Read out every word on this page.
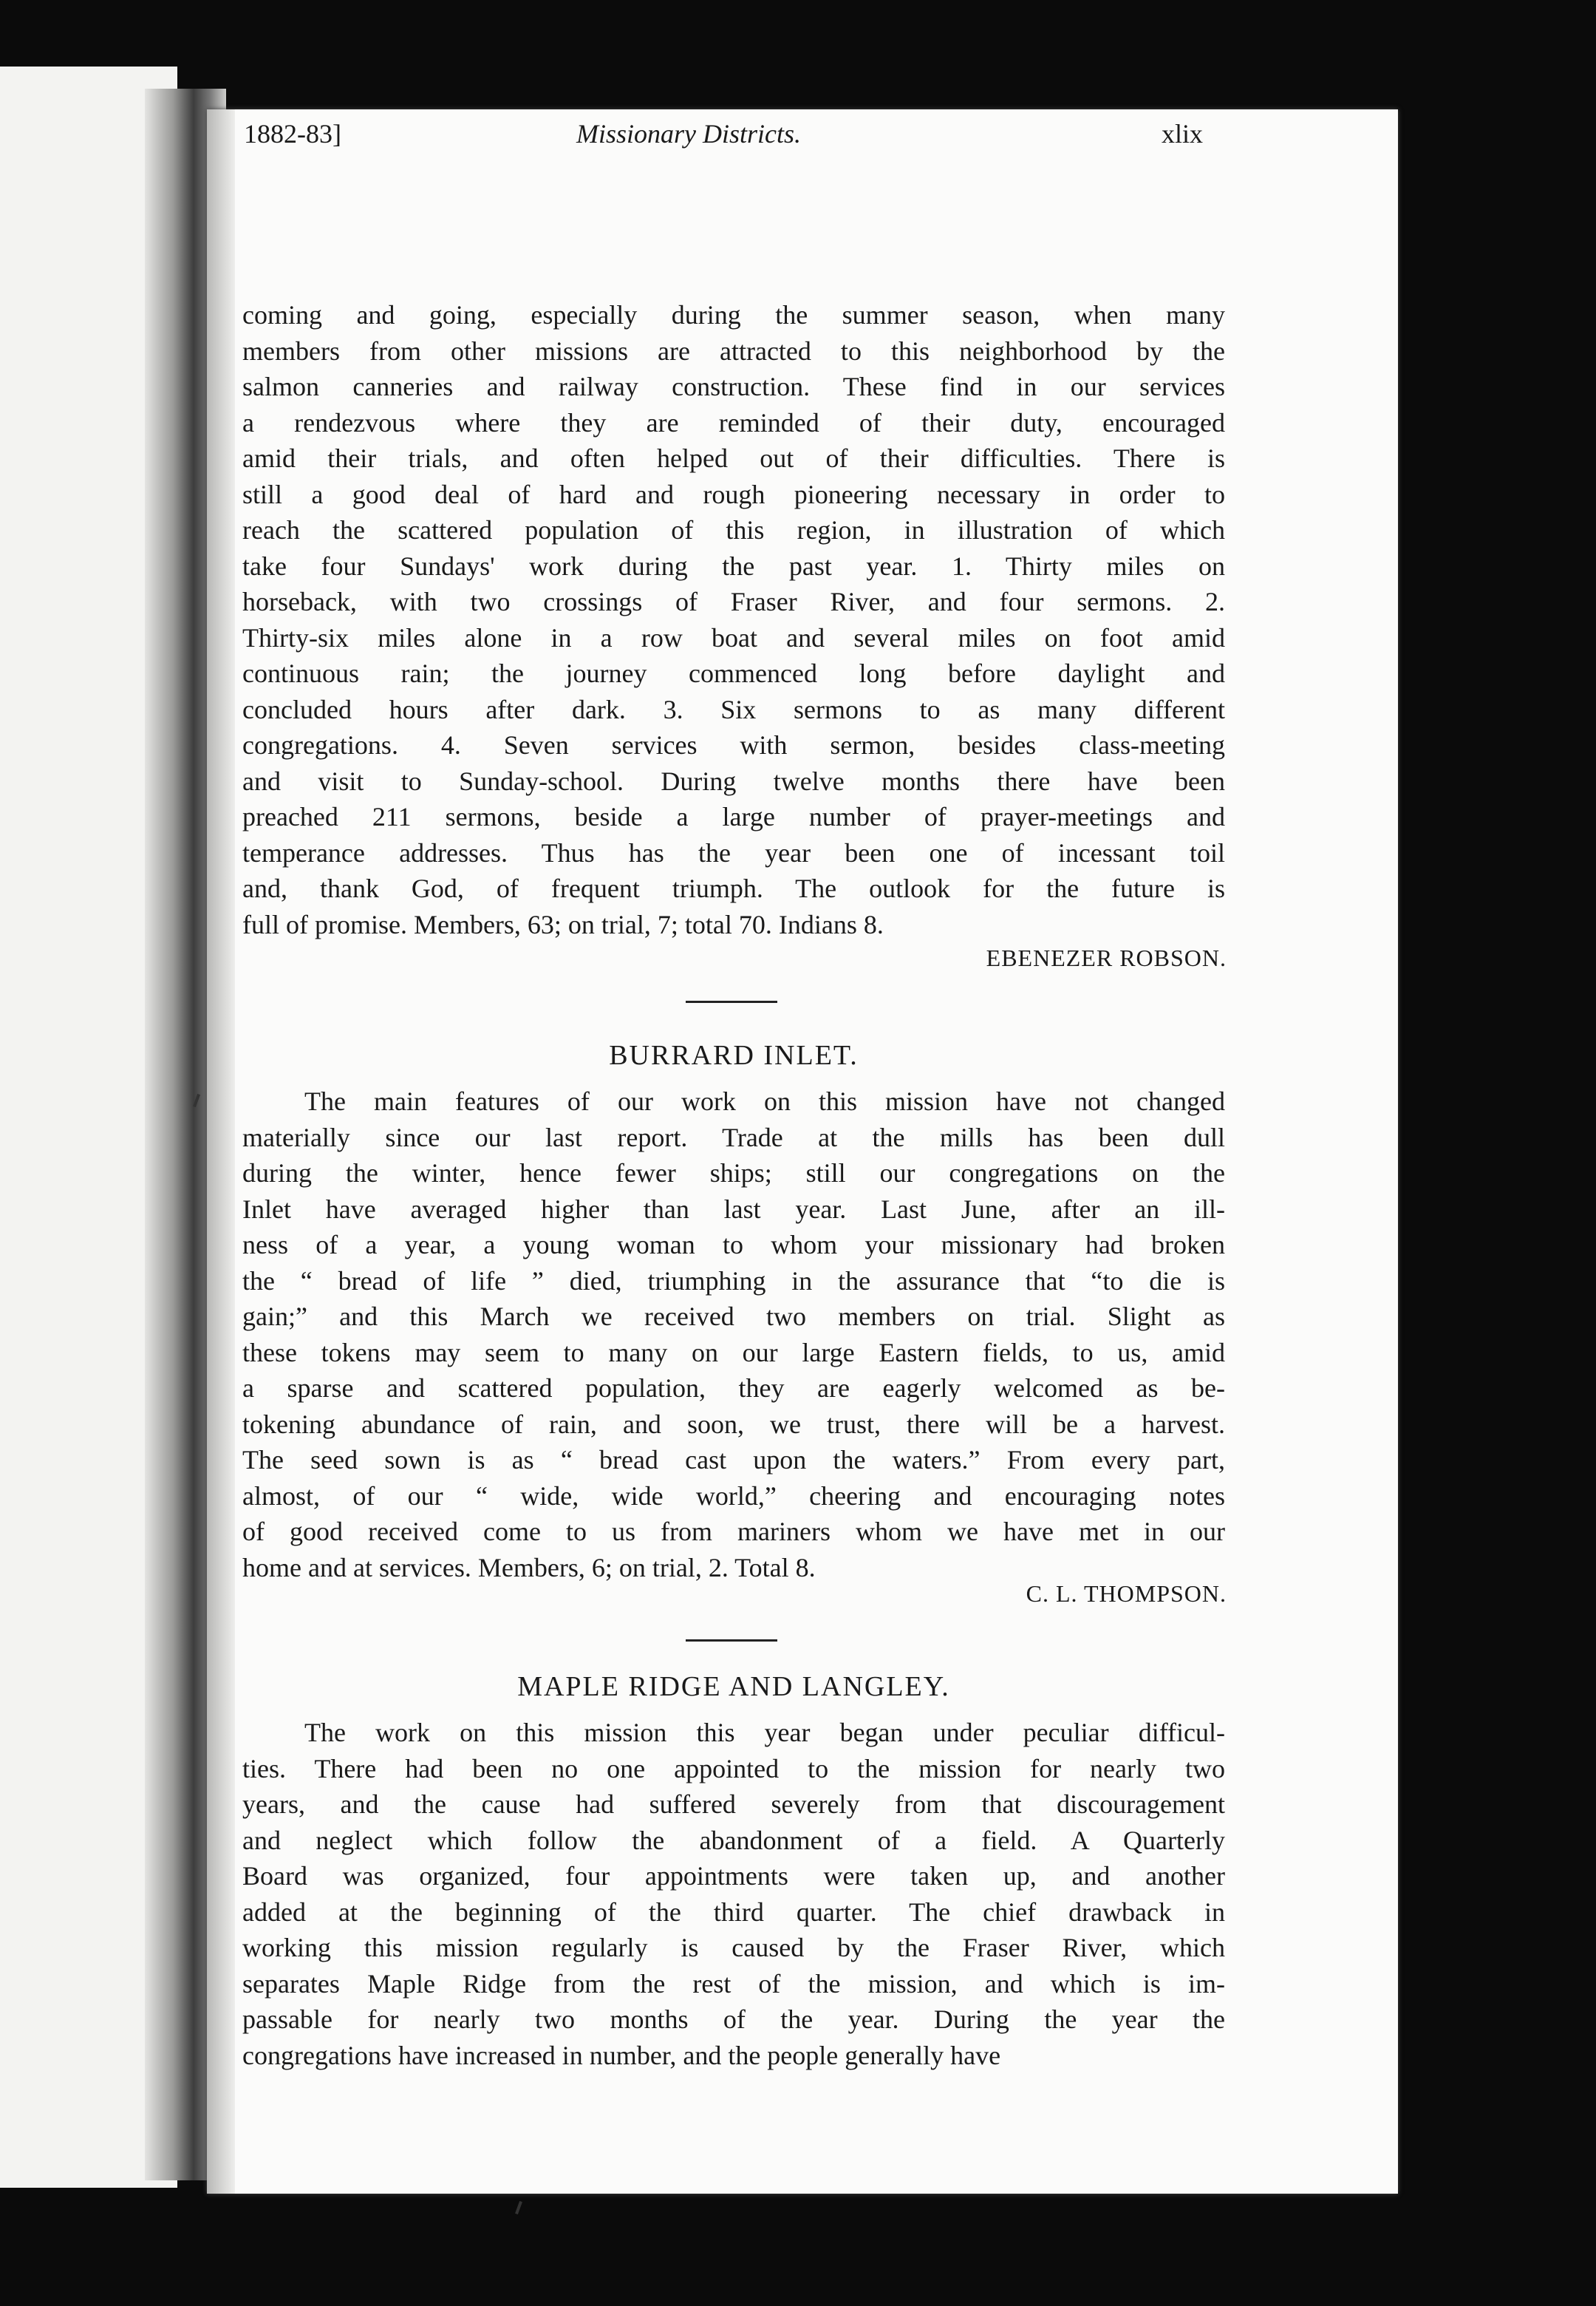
1882-83]	Missionary Districts.	xlix
coming and going, especially during the summer season, when many
members from other missions are attracted to this neighborhood by the
salmon canneries and railway construction. These find in our services
a rendezvous where they are reminded of their duty, encouraged
amid their trials, and often helped out of their difficulties. There is
still a good deal of hard and rough pioneering necessary in order to
reach the scattered population of this region, in illustration of which
take four Sundays' work during the past year. 1. Thirty miles on
horseback, with two crossings of Fraser River, and four sermons. 2.
Thirty-six miles alone in a row boat and several miles on foot amid
continuous rain; the journey commenced long before daylight and
concluded hours after dark. 3. Six sermons to as many different
congregations. 4. Seven services with sermon, besides class-meeting
and visit to Sunday-school. During twelve months there have been
preached 211 sermons, beside a large number of prayer-meetings and
temperance addresses. Thus has the year been one of incessant toil
and, thank God, of frequent triumph. The outlook for the future is
full of promise. Members, 63; on trial, 7; total 70. Indians 8.
EBENEZER ROBSON.
BURRARD INLET.
The main features of our work on this mission have not changed
materially since our last report. Trade at the mills has been dull
during the winter, hence fewer ships; still our congregations on the
Inlet have averaged higher than last year. Last June, after an ill-
ness of a year, a young woman to whom your missionary had broken
the “ bread of life ” died, triumphing in the assurance that “to die is
gain;” and this March we received two members on trial. Slight as
these tokens may seem to many on our large Eastern fields, to us, amid
a sparse and scattered population, they are eagerly welcomed as be-
tokening abundance of rain, and soon, we trust, there will be a harvest.
The seed sown is as “ bread cast upon the waters.” From every part,
almost, of our “ wide, wide world,” cheering and encouraging notes
of good received come to us from mariners whom we have met in our
home and at services. Members, 6; on trial, 2. Total 8.
C. L. THOMPSON.
MAPLE RIDGE AND LANGLEY.
The work on this mission this year began under peculiar difficul-
ties. There had been no one appointed to the mission for nearly two
years, and the cause had suffered severely from that discouragement
and neglect which follow the abandonment of a field. A Quarterly
Board was organized, four appointments were taken up, and another
added at the beginning of the third quarter. The chief drawback in
working this mission regularly is caused by the Fraser River, which
separates Maple Ridge from the rest of the mission, and which is im-
passable for nearly two months of the year. During the year the
congregations have increased in number, and the people generally have
